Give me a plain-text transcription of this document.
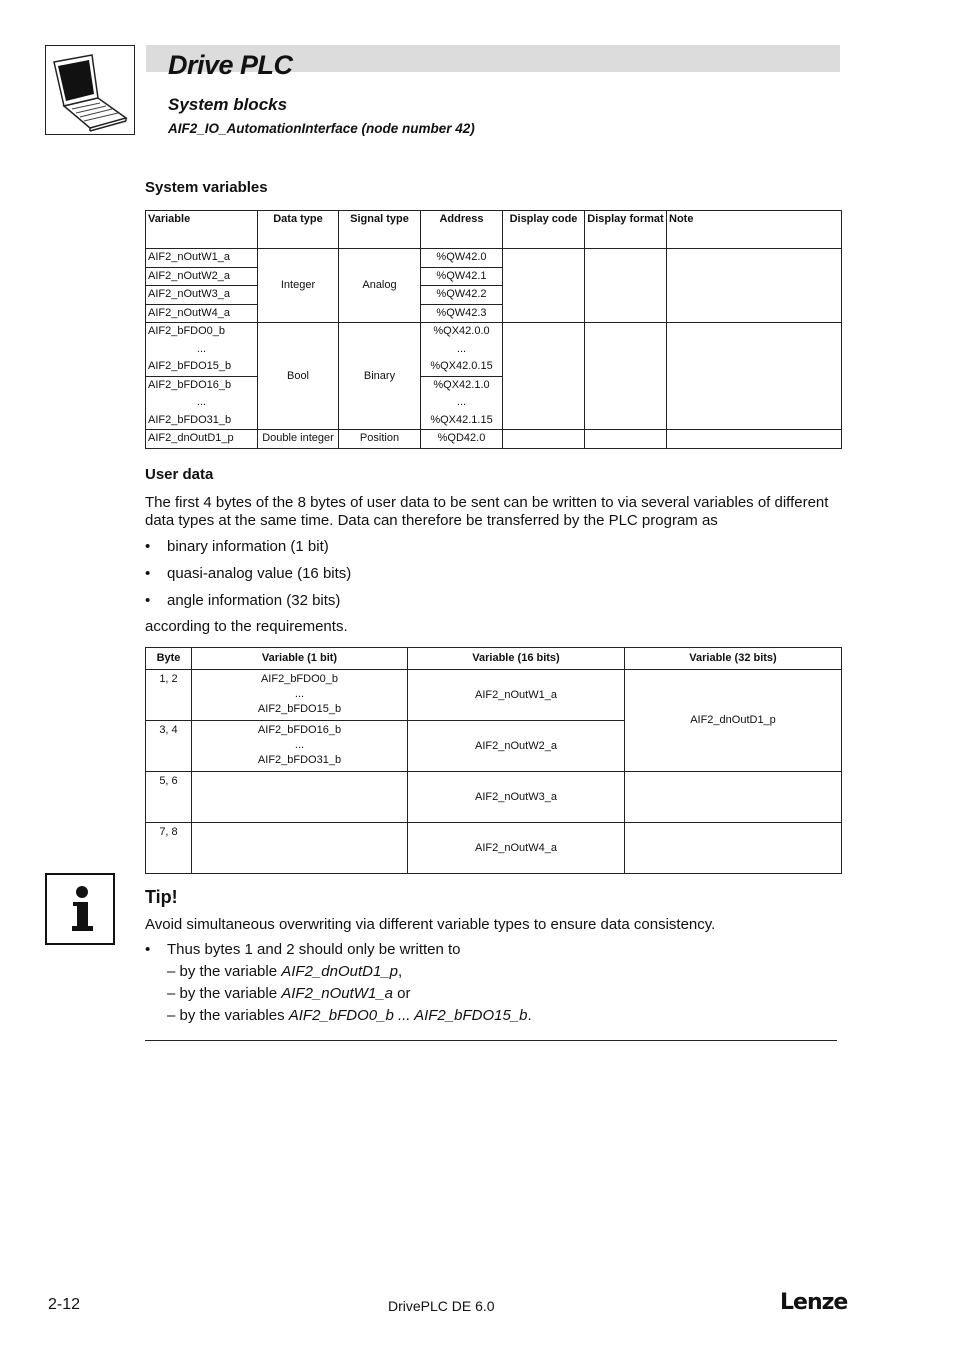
Drive PLC
System blocks
AIF2_IO_AutomationInterface (node number 42)
System variables
Variable	Data type	Signal type	Address	Display code	Display format	Note
AIF2_nOutW1_a	Integer	Analog	%QW42.0			
AIF2_nOutW2_a			%QW42.1			
AIF2_nOutW3_a			%QW42.2			
AIF2_nOutW4_a			%QW42.3			
AIF2_bFDO0_b	Bool	Binary	%QX42.0.0			
...			...			
AIF2_bFDO15_b			%QX42.0.15			
AIF2_bFDO16_b			%QX42.1.0			
...			...			
AIF2_bFDO31_b			%QX42.1.15			
AIF2_dnOutD1_p	Double integer	Position	%QD42.0			
User data
The first 4 bytes of the 8 bytes of user data to be sent can be written to via several variables of different data types at the same time. Data can therefore be transferred by the PLC program as
• binary information (1 bit)
• quasi-analog value (16 bits)
• angle information (32 bits)
according to the requirements.
Byte	Variable (1 bit)	Variable (16 bits)	Variable (32 bits)
1, 2	AIF2_bFDO0_b
...
AIF2_bFDO15_b	AIF2_nOutW1_a	AIF2_dnOutD1_p
3, 4	AIF2_bFDO16_b
...
AIF2_bFDO31_b	AIF2_nOutW2_a	
5, 6		AIF2_nOutW3_a	
7, 8		AIF2_nOutW4_a	
Tip!
Avoid simultaneous overwriting via different variable types to ensure data consistency.
• Thus bytes 1 and 2 should only be written to
– by the variable AIF2_dnOutD1_p,
– by the variable AIF2_nOutW1_a or
– by the variables AIF2_bFDO0_b ... AIF2_bFDO15_b.
2-12	DrivePLC DE 6.0	Lenze
